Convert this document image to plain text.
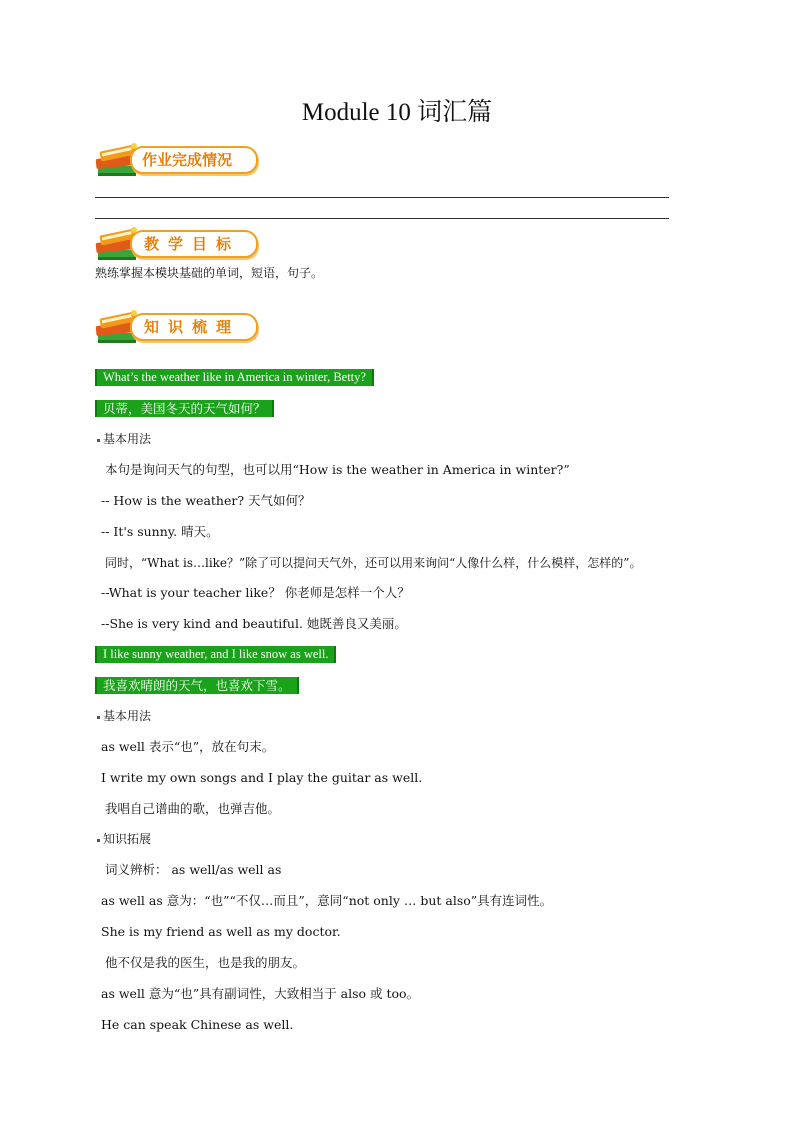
Module 10 词汇篇
作业完成情况
教学目标
熟练掌握本模块基础的单词，短语，句子。
知识梳理
What’s the weather like in America in winter, Betty?
贝蒂，美国冬天的天气如何？
基本用法
本句是询问天气的句型，也可以用“How is the weather in America in winter?”
-- How is the weather? 天气如何？
-- It's sunny. 晴天。
同时，“What is…like？”除了可以提问天气外，还可以用来询问“人像什么样，什么模样，怎样的”。
--What is your teacher like？ 你老师是怎样一个人？
--She is very kind and beautiful. 她既善良又美丽。
I like sunny weather, and I like snow as well.
我喜欢晴朗的天气，也喜欢下雪。
基本用法
as well 表示“也”，放在句末。
I write my own songs and I play the guitar as well.
我唱自己谱曲的歌，也弹吉他。
知识拓展
词义辨析： as well/as well as
as well as 意为：“也”“不仅…而且”，意同“not only … but also”具有连词性。
She is my friend as well as my doctor.
他不仅是我的医生，也是我的朋友。
as well 意为“也”具有副词性，大致相当于 also 或 too。
He can speak Chinese as well.
